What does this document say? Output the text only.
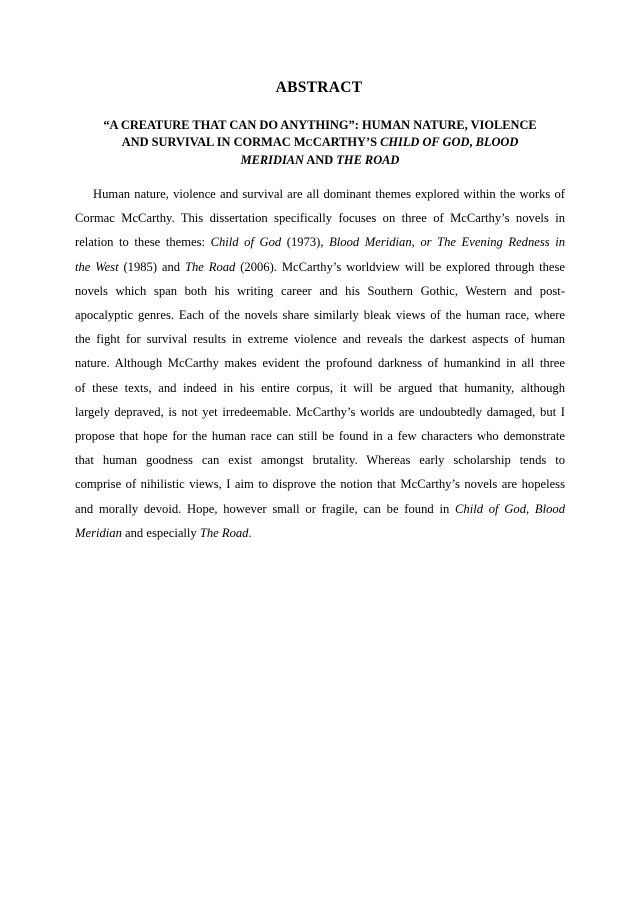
ABSTRACT
“A CREATURE THAT CAN DO ANYTHING”: HUMAN NATURE, VIOLENCE
AND SURVIVAL IN CORMAC MCCARTHY’S CHILD OF GOD, BLOOD
MERIDIAN AND THE ROAD
Human nature, violence and survival are all dominant themes explored within the works of
Cormac McCarthy. This dissertation specifically focuses on three of McCarthy’s novels in
relation to these themes: Child of God (1973), Blood Meridian, or The Evening Redness in
the West (1985) and The Road (2006). McCarthy’s worldview will be explored through these
novels which span both his writing career and his Southern Gothic, Western and post-
apocalyptic genres. Each of the novels share similarly bleak views of the human race, where
the fight for survival results in extreme violence and reveals the darkest aspects of human
nature. Although McCarthy makes evident the profound darkness of humankind in all three
of these texts, and indeed in his entire corpus, it will be argued that humanity, although
largely depraved, is not yet irredeemable. McCarthy’s worlds are undoubtedly damaged, but I
propose that hope for the human race can still be found in a few characters who demonstrate
that human goodness can exist amongst brutality. Whereas early scholarship tends to
comprise of nihilistic views, I aim to disprove the notion that McCarthy’s novels are hopeless
and morally devoid. Hope, however small or fragile, can be found in Child of God, Blood
Meridian and especially The Road.
